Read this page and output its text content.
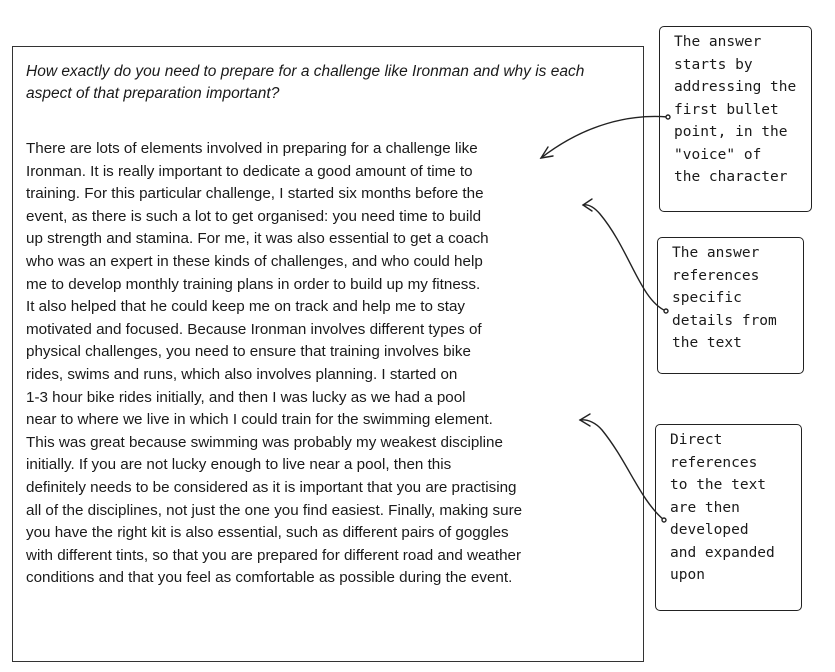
How exactly do you need to prepare for a challenge like Ironman and why is each aspect of that preparation important?

There are lots of elements involved in preparing for a challenge like
Ironman. It is really important to dedicate a good amount of time to
training. For this particular challenge, I started six months before the
event, as there is such a lot to get organised: you need time to build
up strength and stamina. For me, it was also essential to get a coach
who was an expert in these kinds of challenges, and who could help
me to develop monthly training plans in order to build up my fitness.
It also helped that he could keep me on track and help me to stay
motivated and focused. Because Ironman involves different types of
physical challenges, you need to ensure that training involves bike
rides, swims and runs, which also involves planning. I started on
1-3 hour bike rides initially, and then I was lucky as we had a pool
near to where we live in which I could train for the swimming element.
This was great because swimming was probably my weakest discipline
initially. If you are not lucky enough to live near a pool, then this
definitely needs to be considered as it is important that you are practising
all of the disciplines, not just the one you find easiest. Finally, making sure
you have the right kit is also essential, such as different pairs of goggles
with different tints, so that you are prepared for different road and weather
conditions and that you feel as comfortable as possible during the event.

The answer
starts by
addressing the
first bullet
point, in the
"voice" of
the character
The answer
references
specific
details from
the text
Direct
references
to the text
are then
developed
and expanded
upon
